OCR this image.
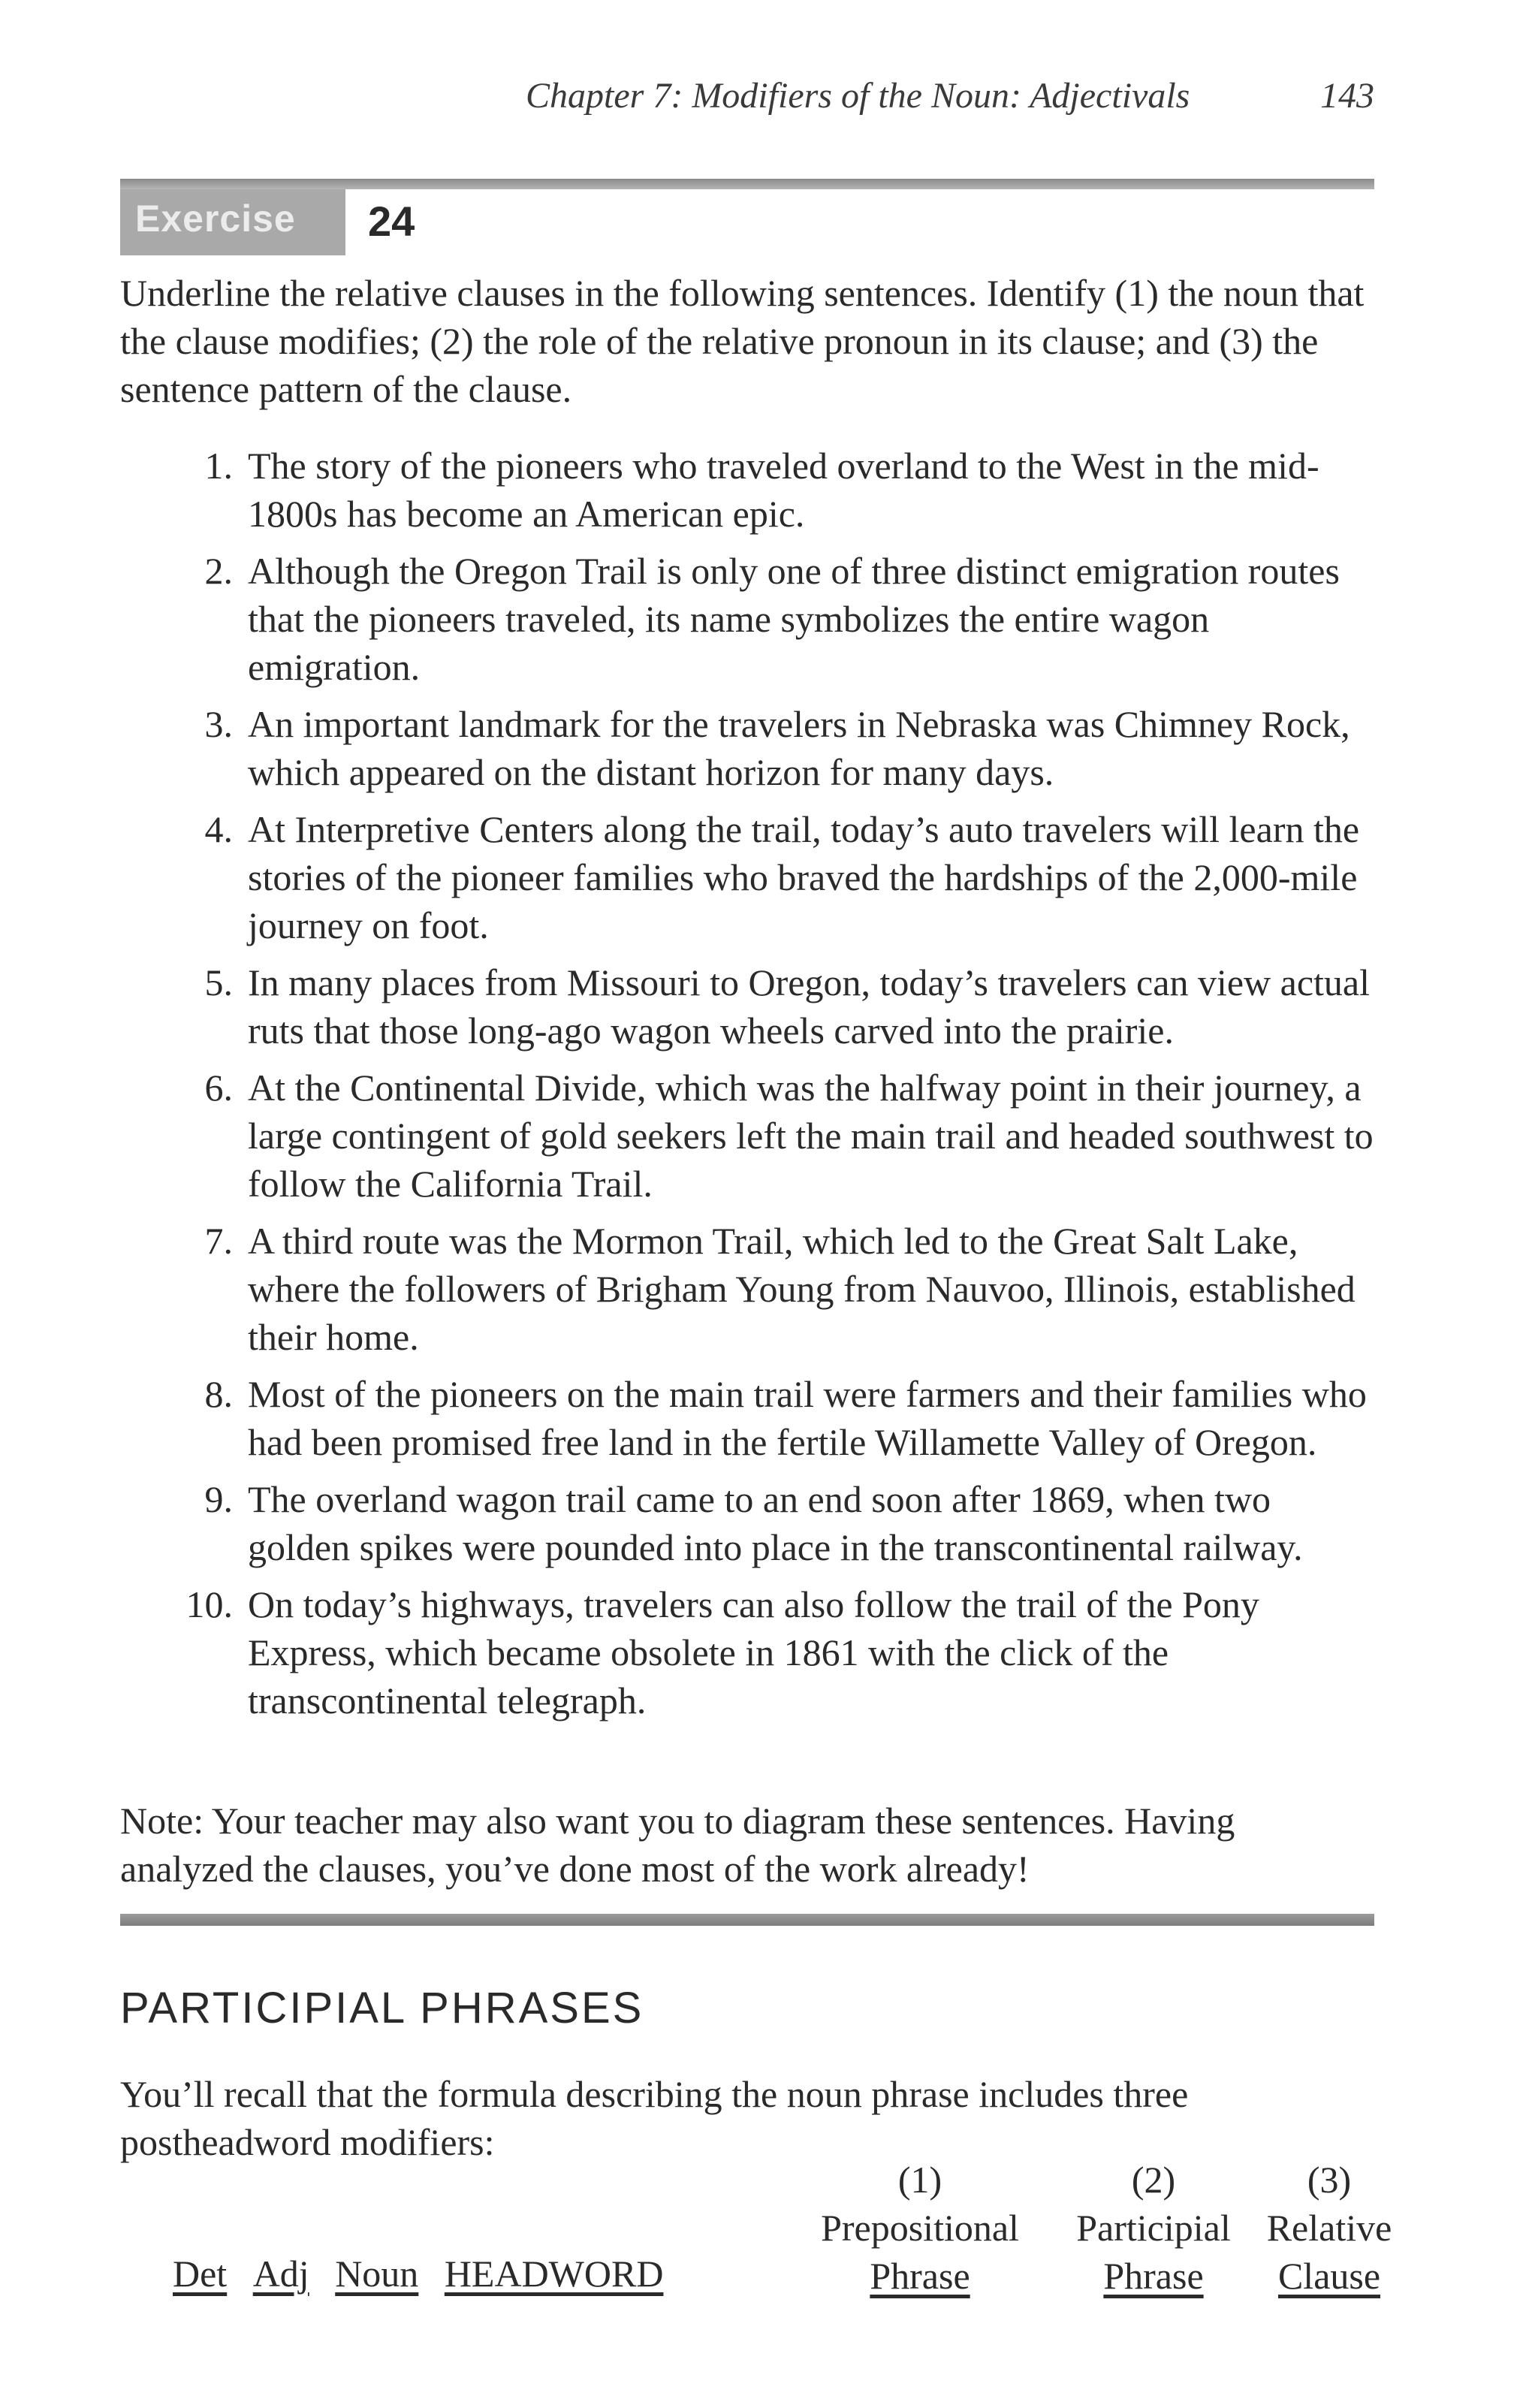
Chapter 7: Modifiers of the Noun: Adjectivals	143
Exercise 24
Underline the relative clauses in the following sentences. Identify (1) the noun that the clause modifies; (2) the role of the relative pronoun in its clause; and (3) the sentence pattern of the clause.
1. The story of the pioneers who traveled overland to the West in the mid-1800s has become an American epic.
2. Although the Oregon Trail is only one of three distinct emigration routes that the pioneers traveled, its name symbolizes the entire wagon emigration.
3. An important landmark for the travelers in Nebraska was Chimney Rock, which appeared on the distant horizon for many days.
4. At Interpretive Centers along the trail, today’s auto travelers will learn the stories of the pioneer families who braved the hardships of the 2,000-mile journey on foot.
5. In many places from Missouri to Oregon, today’s travelers can view actual ruts that those long-ago wagon wheels carved into the prairie.
6. At the Continental Divide, which was the halfway point in their journey, a large contingent of gold seekers left the main trail and headed southwest to follow the California Trail.
7. A third route was the Mormon Trail, which led to the Great Salt Lake, where the followers of Brigham Young from Nauvoo, Illinois, established their home.
8. Most of the pioneers on the main trail were farmers and their families who had been promised free land in the fertile Willamette Valley of Oregon.
9. The overland wagon trail came to an end soon after 1869, when two golden spikes were pounded into place in the transcontinental railway.
10. On today’s highways, travelers can also follow the trail of the Pony Express, which became obsolete in 1861 with the click of the transcontinental telegraph.
Note: Your teacher may also want you to diagram these sentences. Having analyzed the clauses, you’ve done most of the work already!
PARTICIPIAL PHRASES
You’ll recall that the formula describing the noun phrase includes three postheadword modifiers:
Det Adj Noun HEADWORD
(1)
Prepositional
Phrase
(2)
Participial
Phrase
(3)
Relative
Clause
